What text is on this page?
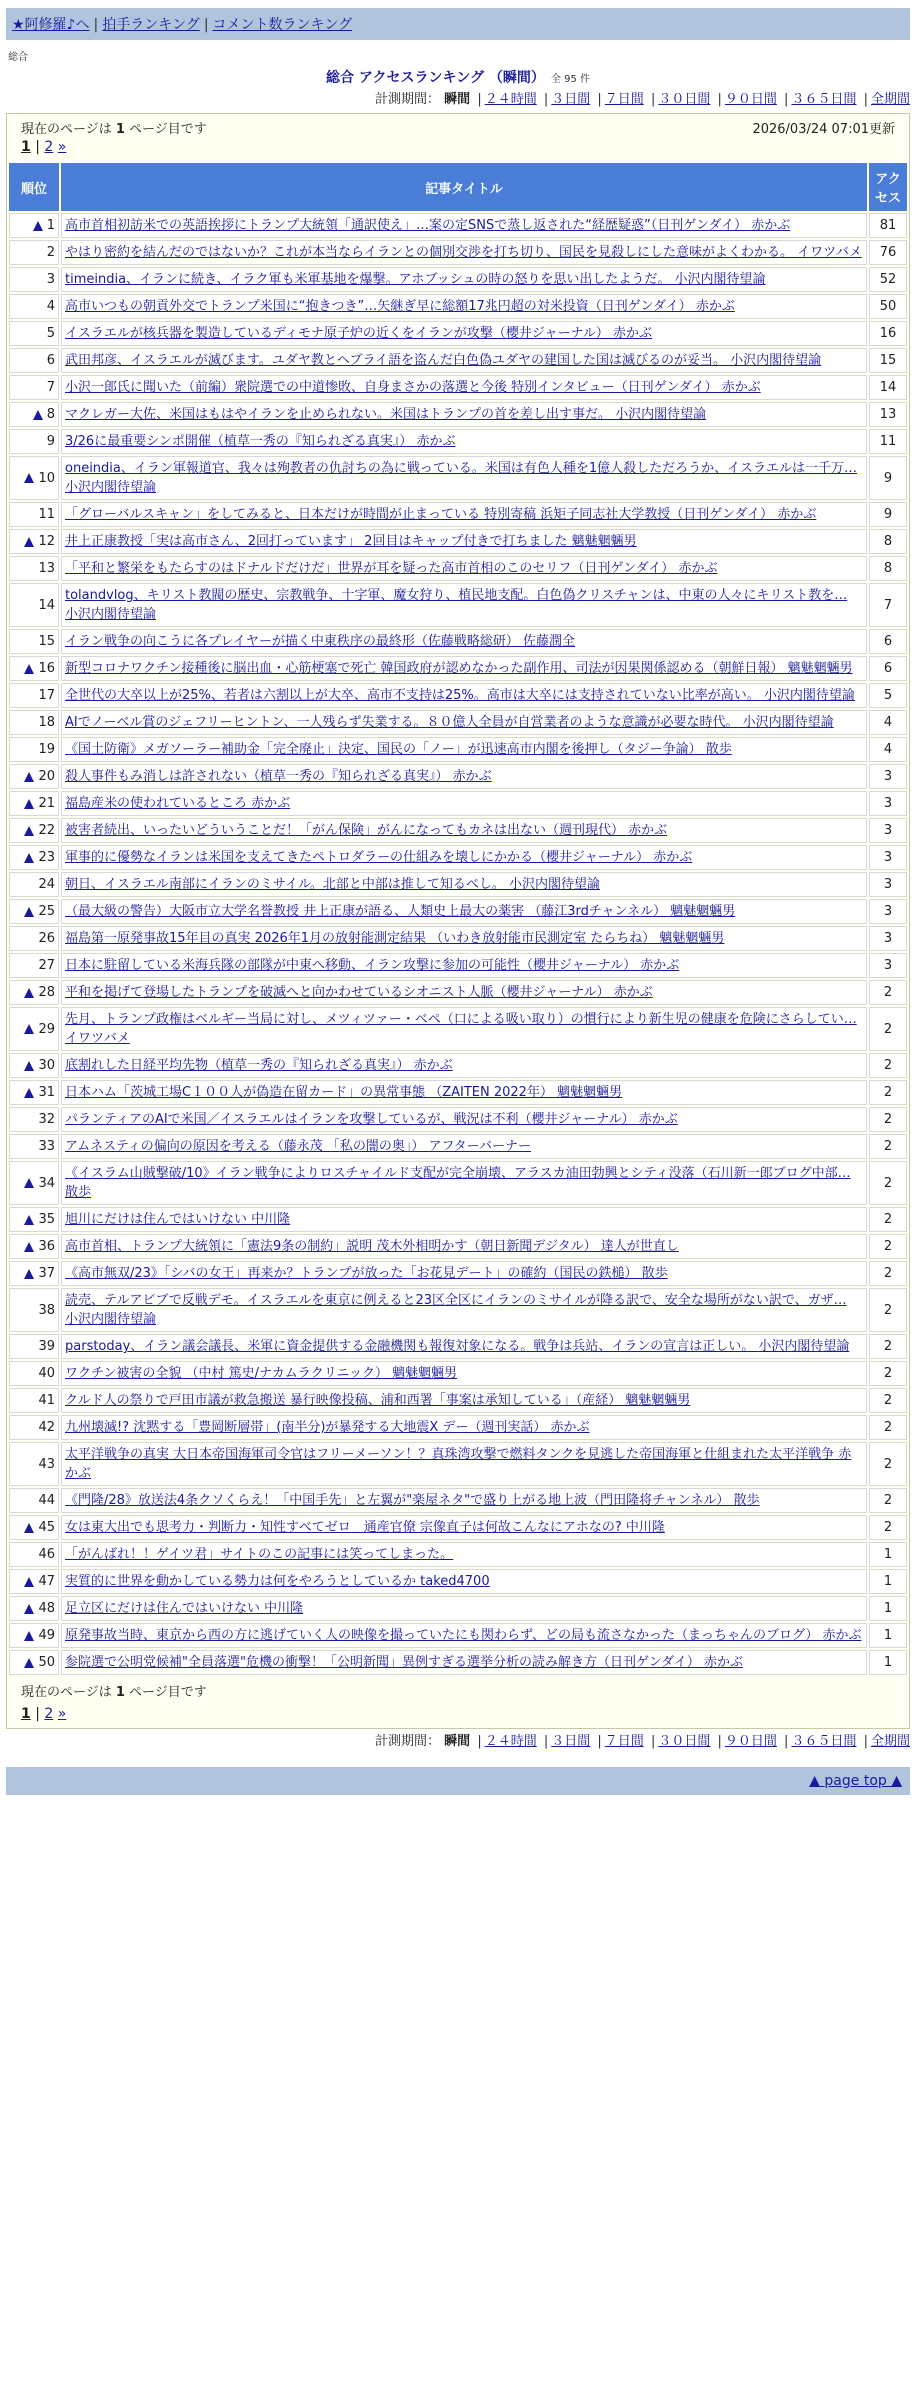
★阿修羅♪へ | 拍手ランキング | コメント数ランキング
総合
総合 アクセスランキング （瞬間） 全 95 件
計測期間： 瞬間 | ２４時間 | ３日間 | ７日間 | ３０日間 | ９０日間 | ３６５日間 | 全期間
現在のページは 1 ページ目です	2026/03/24 07:01更新
1 | 2 »
順位	記事タイトル	アクセス
1	高市首相初訪米での英語挨拶にトランプ大統領「通訳使え」…案の定SNSで蒸し返された“経歴疑惑”（日刊ゲンダイ） 赤かぶ	81
2	やはり密約を結んだのではないか？これが本当ならイランとの個別交渉を打ち切り、国民を見殺しにした意味がよくわかる。 イワツバメ	76
3	timeindia、イランに続き、イラク軍も米軍基地を爆撃。アホブッシュの時の怒りを思い出したようだ。 小沢内閣待望論	52
4	高市いつもの朝貢外交でトランプ米国に“抱きつき”…矢継ぎ早に総額17兆円超の対米投資（日刊ゲンダイ） 赤かぶ	50
5	イスラエルが核兵器を製造しているディモナ原子炉の近くをイランが攻撃（櫻井ジャーナル） 赤かぶ	16
6	武田邦彦、イスラエルが滅びます。ユダヤ教とヘブライ語を盗んだ白色偽ユダヤの建国した国は滅びるのが妥当。 小沢内閣待望論	15
7	小沢一郎氏に聞いた（前編）衆院選での中道惨敗、自身まさかの落選と今後 特別インタビュー（日刊ゲンダイ） 赤かぶ	14
8	マクレガー大佐、米国はもはやイランを止められない。米国はトランプの首を差し出す事だ。 小沢内閣待望論	13
9	3/26に最重要シンポ開催（植草一秀の『知られざる真実』） 赤かぶ	11
10	oneindia、イラン軍報道官、我々は殉教者の仇討ちの為に戦っている。米国は有色人種を1億人殺しただろうか、イスラエルは一千万… 小沢内閣待望論	9
11	「グローバルスキャン」をしてみると、日本だけが時間が止まっている 特別寄稿 浜矩子同志社大学教授（日刊ゲンダイ） 赤かぶ	9
12	井上正康教授「実は高市さん、2回打っています」 2回目はキャップ付きで打ちました 魑魅魍魎男	8
13	「平和と繁栄をもたらすのはドナルドだけだ」世界が耳を疑った高市首相のこのセリフ（日刊ゲンダイ） 赤かぶ	8
14	tolandvlog、キリスト教閥の歴史、宗教戦争、十字軍、魔女狩り、植民地支配。白色偽クリスチャンは、中東の人々にキリスト教を… 小沢内閣待望論	7
15	イラン戦争の向こうに各プレイヤーが描く中東秩序の最終形（佐藤戦略総研） 佐藤潤全	6
16	新型コロナワクチン接種後に脳出血・心筋梗塞で死亡 韓国政府が認めなかった副作用、司法が因果関係認める（朝鮮日報） 魑魅魍魎男	6
17	全世代の大卒以上が25%、若者は六割以上が大卒、高市不支持は25%。高市は大卒には支持されていない比率が高い。 小沢内閣待望論	5
18	AIでノーベル賞のジェフリーヒントン、一人残らず失業する。８０億人全員が自営業者のような意識が必要な時代。 小沢内閣待望論	4
19	《国土防衛》メガソーラー補助金「完全廃止」決定、国民の「ノー」が迅速高市内閣を後押し（タジー争論） 散歩	4
20	殺人事件もみ消しは許されない（植草一秀の『知られざる真実』） 赤かぶ	3
21	福島産米の使われているところ 赤かぶ	3
22	被害者続出、いったいどういうことだ！「がん保険」がんになってもカネは出ない（週刊現代） 赤かぶ	3
23	軍事的に優勢なイランは米国を支えてきたペトロダラーの仕組みを壊しにかかる（櫻井ジャーナル） 赤かぶ	3
24	朝日、イスラエル南部にイランのミサイル。北部と中部は推して知るべし。 小沢内閣待望論	3
25	（最大級の警告）大阪市立大学名誉教授 井上正康が語る、人類史上最大の薬害 （藤江3rdチャンネル） 魑魅魍魎男	3
26	福島第一原発事故15年目の真実 2026年1月の放射能測定結果 （いわき放射能市民測定室 たらちね） 魑魅魍魎男	3
27	日本に駐留している米海兵隊の部隊が中東へ移動、イラン攻撃に参加の可能性（櫻井ジャーナル） 赤かぶ	3
28	平和を掲げて登場したトランプを破滅へと向かわせているシオニスト人脈（櫻井ジャーナル） 赤かぶ	2
29	先月、トランプ政権はベルギー当局に対し、メツィツァー・ベペ（口による吸い取り）の慣行により新生児の健康を危険にさらしてい… イワツバメ	2
30	底割れした日経平均先物（植草一秀の『知られざる真実』） 赤かぶ	2
31	日本ハム「茨城工場C１００人が偽造在留カード」の異常事態 （ZAITEN 2022年） 魑魅魍魎男	2
32	パランティアのAIで米国／イスラエルはイランを攻撃しているが、戦況は不利（櫻井ジャーナル） 赤かぶ	2
33	アムネスティの偏向の原因を考える（藤永茂 「私の闇の奥」） アフターバーナー	2
34	《イスラム山賊撃破/10》イラン戦争によりロスチャイルド支配が完全崩壊、アラスカ油田勃興とシティ没落（石川新一郎ブログ中部… 散歩	2
35	旭川にだけは住んではいけない 中川隆	2
36	高市首相、トランプ大統領に「憲法9条の制約」説明 茂木外相明かす（朝日新聞デジタル） 達人が世直し	2
37	《高市無双/23》「シバの女王」再来か？トランプが放った「お花見デート」の確約（国民の鉄槌） 散歩	2
38	読売、テルアビブで反戦デモ。イスラエルを東京に例えると23区全区にイランのミサイルが降る訳で、安全な場所がない訳で、ガザ… 小沢内閣待望論	2
39	parstoday、イラン議会議長、米軍に資金提供する金融機関も報復対象になる。戦争は兵站、イランの宣言は正しい。 小沢内閣待望論	2
40	ワクチン被害の全貌 （中村 篤史/ナカムラクリニック） 魑魅魍魎男	2
41	クルド人の祭りで戸田市議が救急搬送 暴行映像投稿、浦和西署「事案は承知している」（産経） 魑魅魍魎男	2
42	九州壊滅!? 沈黙する「豊岡断層帯」(南半分)が暴発する大地震X デー（週刊実話） 赤かぶ	2
43	太平洋戦争の真実 大日本帝国海軍司令官はフリーメーソン！？真珠湾攻撃で燃料タンクを見逃した帝国海軍と仕組まれた太平洋戦争 赤かぶ	2
44	《門隆/28》放送法4条クソくらえ！「中国手先」と左翼が"楽屋ネタ"で盛り上がる地上波（門田隆将チャンネル） 散歩	2
45	女は東大出でも思考力・判断力・知性すべてゼロ＿通産官僚 宗像直子は何故こんなにアホなの? 中川隆	2
46	「がんばれ！！ゲイツ君」サイトのこの記事には笑ってしまった。	1
47	実質的に世界を動かしている勢力は何をやろうとしているか taked4700	1
48	足立区にだけは住んではいけない 中川隆	1
49	原発事故当時、東京から西の方に逃げていく人の映像を撮っていたにも関わらず、どの局も流さなかった（まっちゃんのブログ） 赤かぶ	1
50	参院選で公明党候補"全員落選"危機の衝撃！「公明新聞」異例すぎる選挙分析の読み解き方（日刊ゲンダイ） 赤かぶ	1
現在のページは 1 ページ目です
1 | 2 »
計測期間： 瞬間 | ２４時間 | ３日間 | ７日間 | ３０日間 | ９０日間 | ３６５日間 | 全期間
▲ page top ▲
